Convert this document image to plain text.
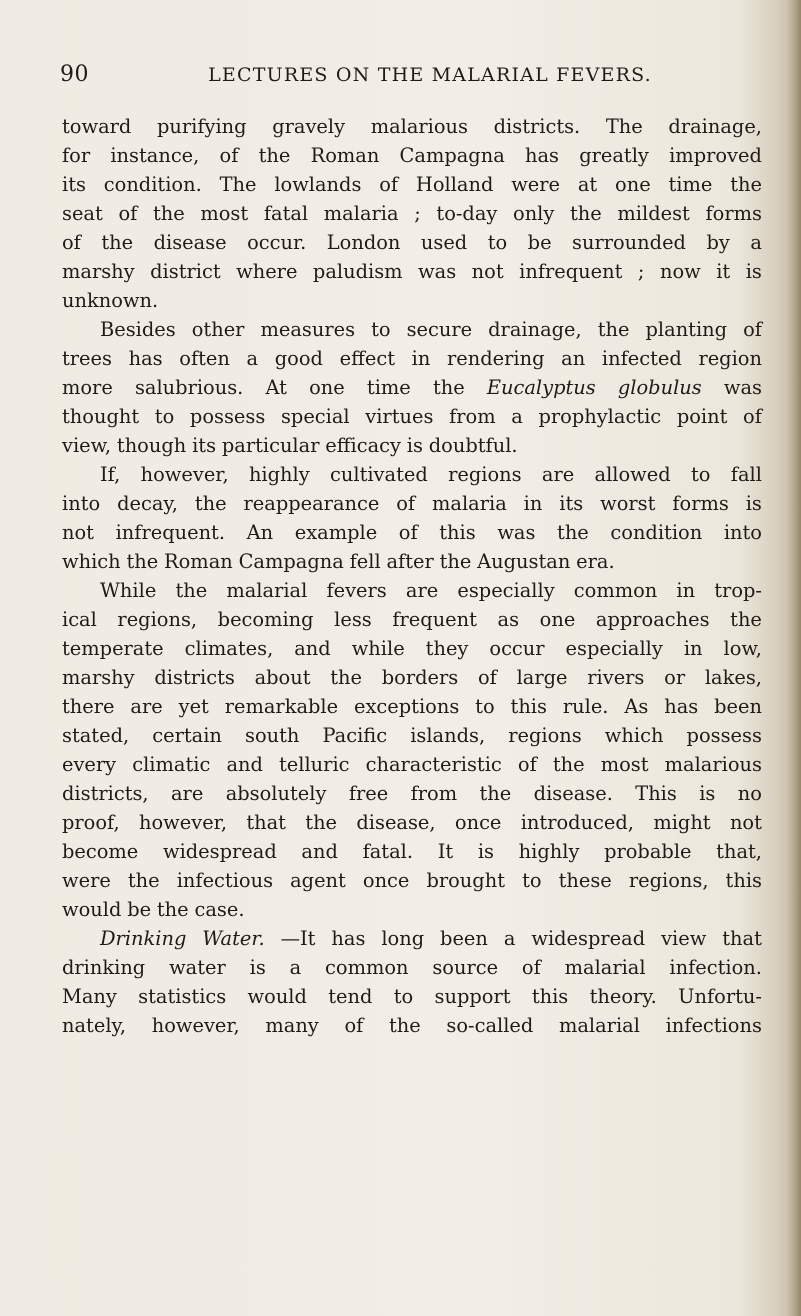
90	LECTURES ON THE MALARIAL FEVERS.
toward purifying gravely malarious districts. The drainage,
for instance, of the Roman Campagna has greatly improved
its condition. The lowlands of Holland were at one time the
seat of the most fatal malaria ; to-day only the mildest forms
of the disease occur. London used to be surrounded by a
marshy district where paludism was not infrequent ; now it is
unknown.
Besides other measures to secure drainage, the planting of
trees has often a good effect in rendering an infected region
more salubrious. At one time the Eucalyptus globulus was
thought to possess special virtues from a prophylactic point of
view, though its particular efficacy is doubtful.
If, however, highly cultivated regions are allowed to fall
into decay, the reappearance of malaria in its worst forms is
not infrequent. An example of this was the condition into
which the Roman Campagna fell after the Augustan era.
While the malarial fevers are especially common in trop-
ical regions, becoming less frequent as one approaches the
temperate climates, and while they occur especially in low,
marshy districts about the borders of large rivers or lakes,
there are yet remarkable exceptions to this rule. As has been
stated, certain south Pacific islands, regions which possess
every climatic and telluric characteristic of the most malarious
districts, are absolutely free from the disease. This is no
proof, however, that the disease, once introduced, might not
become widespread and fatal. It is highly probable that,
were the infectious agent once brought to these regions, this
would be the case.
Drinking Water. —It has long been a widespread view that
drinking water is a common source of malarial infection.
Many statistics would tend to support this theory. Unfortu-
nately, however, many of the so-called malarial infections
